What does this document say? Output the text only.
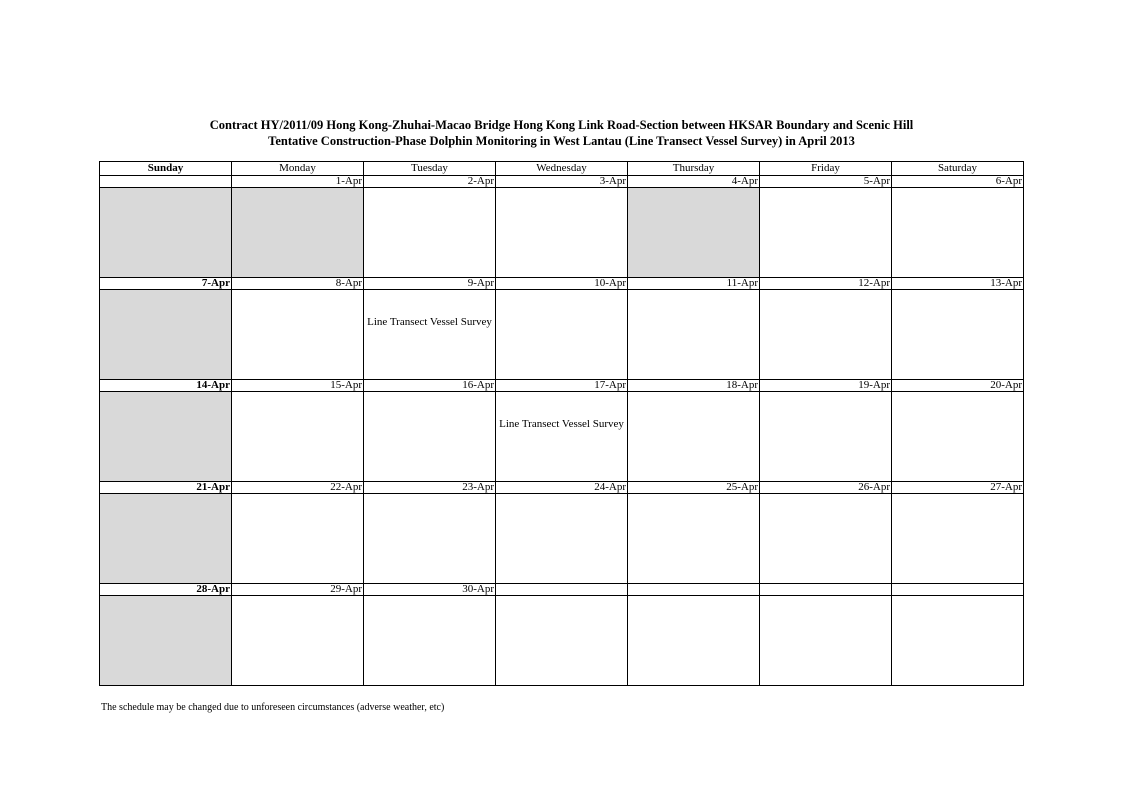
Contract HY/2011/09 Hong Kong-Zhuhai-Macao Bridge Hong Kong Link Road-Section between HKSAR Boundary and Scenic Hill
Tentative Construction-Phase Dolphin Monitoring in West Lantau (Line Transect Vessel Survey) in April 2013
Sunday	Monday	Tuesday	Wednesday	Thursday	Friday	Saturday
	1-Apr	2-Apr	3-Apr	4-Apr	5-Apr	6-Apr

7-Apr	8-Apr	9-Apr	10-Apr	11-Apr	12-Apr	13-Apr

		Line Transect Vessel Survey				

14-Apr	15-Apr	16-Apr	17-Apr	18-Apr	19-Apr	20-Apr

			Line Transect Vessel Survey			

21-Apr	22-Apr	23-Apr	24-Apr	25-Apr	26-Apr	27-Apr

28-Apr	29-Apr	30-Apr				

The schedule may be changed due to unforeseen circumstances (adverse weather, etc)
